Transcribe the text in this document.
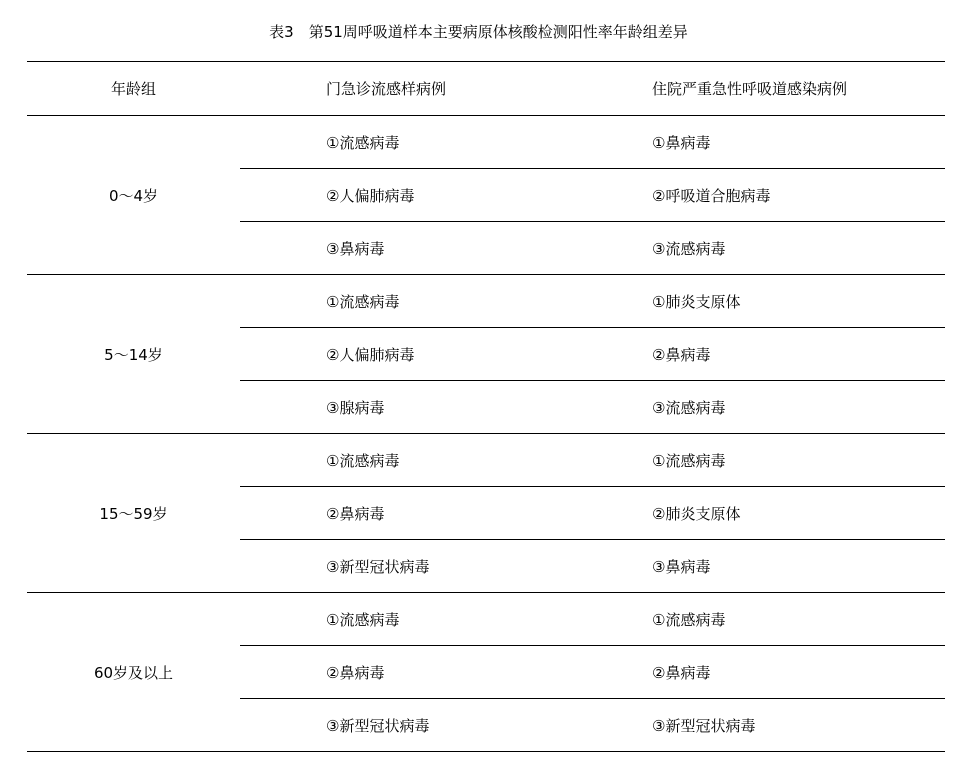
表3　第51周呼吸道样本主要病原体核酸检测阳性率年龄组差异
年龄组	门急诊流感样病例	住院严重急性呼吸道感染病例
0～4岁	①流感病毒	①鼻病毒
	②人偏肺病毒	②呼吸道合胞病毒
	③鼻病毒	③流感病毒
5～14岁	①流感病毒	①肺炎支原体
	②人偏肺病毒	②鼻病毒
	③腺病毒	③流感病毒
15～59岁	①流感病毒	①流感病毒
	②鼻病毒	②肺炎支原体
	③新型冠状病毒	③鼻病毒
60岁及以上	①流感病毒	①流感病毒
	②鼻病毒	②鼻病毒
	③新型冠状病毒	③新型冠状病毒
